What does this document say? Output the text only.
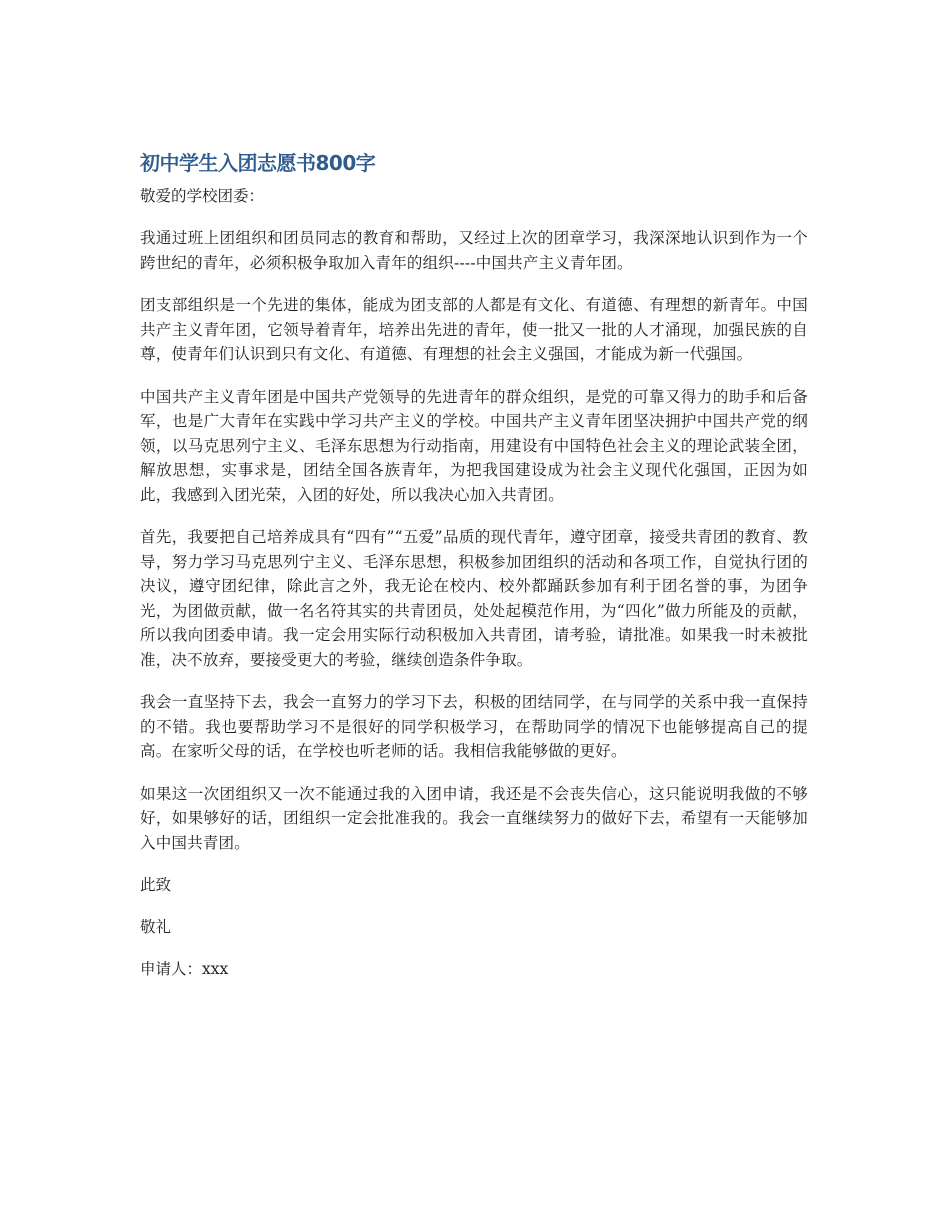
初中学生入团志愿书800字

敬爱的学校团委：

我通过班上团组织和团员同志的教育和帮助，又经过上次的团章学习，我深深地认识到作为一个跨世纪的青年，必须积极争取加入青年的组织----中国共产主义青年团。

团支部组织是一个先进的集体，能成为团支部的人都是有文化、有道德、有理想的新青年。中国共产主义青年团，它领导着青年，培养出先进的青年，使一批又一批的人才涌现，加强民族的自尊，使青年们认识到只有文化、有道德、有理想的社会主义强国，才能成为新一代强国。

中国共产主义青年团是中国共产党领导的先进青年的群众组织，是党的可靠又得力的助手和后备军，也是广大青年在实践中学习共产主义的学校。中国共产主义青年团坚决拥护中国共产党的纲领，以马克思列宁主义、毛泽东思想为行动指南，用建设有中国特色社会主义的理论武装全团，解放思想，实事求是，团结全国各族青年，为把我国建设成为社会主义现代化强国，正因为如此，我感到入团光荣，入团的好处，所以我决心加入共青团。

首先，我要把自己培养成具有“四有”“五爱”品质的现代青年，遵守团章，接受共青团的教育、教导，努力学习马克思列宁主义、毛泽东思想，积极参加团组织的活动和各项工作，自觉执行团的决议，遵守团纪律，除此言之外，我无论在校内、校外都踊跃参加有利于团名誉的事，为团争光，为团做贡献，做一名名符其实的共青团员，处处起模范作用，为“四化”做力所能及的贡献，所以我向团委申请。我一定会用实际行动积极加入共青团，请考验，请批准。如果我一时未被批准，决不放弃，要接受更大的考验，继续创造条件争取。

我会一直坚持下去，我会一直努力的学习下去，积极的团结同学，在与同学的关系中我一直保持的不错。我也要帮助学习不是很好的同学积极学习，在帮助同学的情况下也能够提高自己的提高。在家听父母的话，在学校也听老师的话。我相信我能够做的更好。

如果这一次团组织又一次不能通过我的入团申请，我还是不会丧失信心，这只能说明我做的不够好，如果够好的话，团组织一定会批准我的。我会一直继续努力的做好下去，希望有一天能够加入中国共青团。

此致

敬礼

申请人：xxx
